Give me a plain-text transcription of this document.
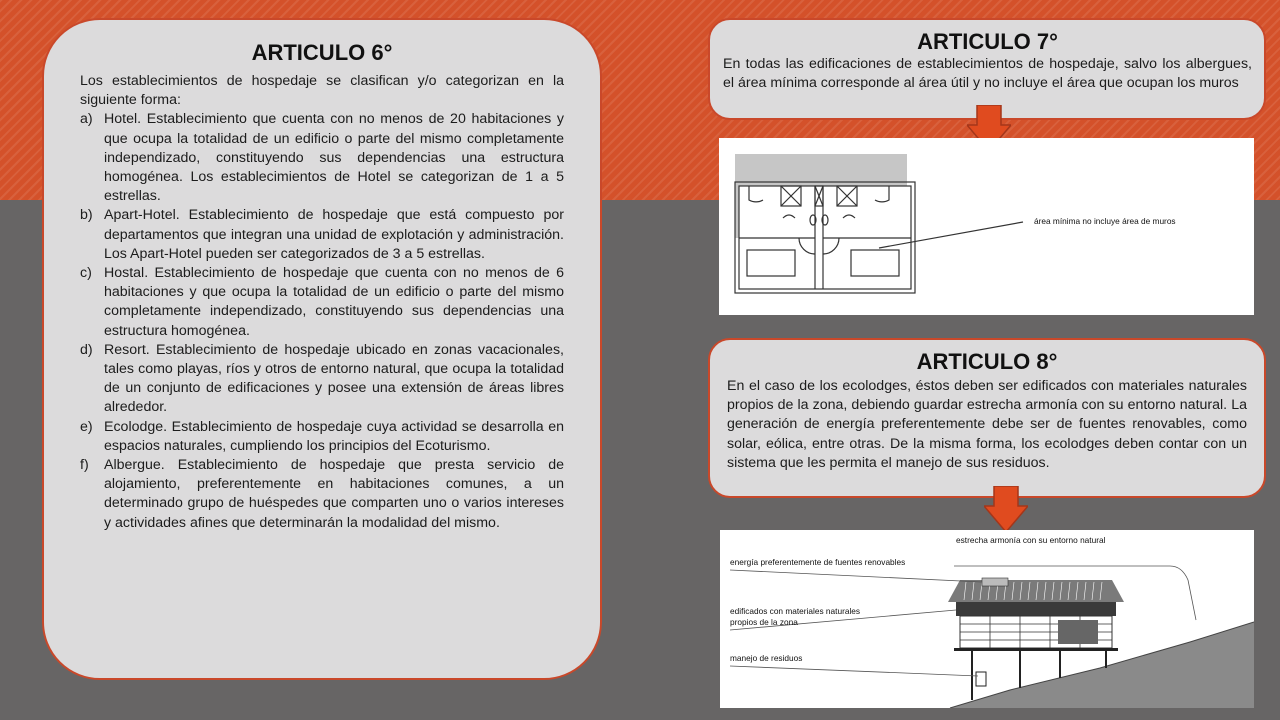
ARTICULO 6°

Los establecimientos de hospedaje se clasifican y/o categorizan en la siguiente forma:

a) Hotel. Establecimiento que cuenta con no menos de 20 habitaciones y que ocupa la totalidad de un edificio o parte del mismo completamente independizado, constituyendo sus dependencias una estructura homogénea. Los establecimientos de Hotel se categorizan de 1 a 5 estrellas.
b) Apart-Hotel. Establecimiento de hospedaje que está compuesto por departamentos que integran una unidad de explotación y administración. Los Apart-Hotel pueden ser categorizados de 3 a 5 estrellas.
c) Hostal. Establecimiento de hospedaje que cuenta con no menos de 6 habitaciones y que ocupa la totalidad de un edificio o parte del mismo completamente independizado, constituyendo sus dependencias una estructura homogénea.
d) Resort. Establecimiento de hospedaje ubicado en zonas vacacionales, tales como playas, ríos y otros de entorno natural, que ocupa la totalidad de un conjunto de edificaciones y posee una extensión de áreas libres alrededor.
e) Ecolodge. Establecimiento de hospedaje cuya actividad se desarrolla en espacios naturales, cumpliendo los principios del Ecoturismo.
f)	Albergue. Establecimiento de hospedaje que presta servicio de alojamiento, preferentemente en habitaciones comunes, a un determinado grupo de huéspedes que comparten uno o varios intereses y actividades afines que determinarán la modalidad del mismo.
ARTICULO 7°

En todas las edificaciones de establecimientos de hospedaje, salvo los albergues, el área mínima corresponde al área útil y no incluye el área que ocupan los muros

área mínima no incluye área de muros
ARTICULO 8°

En el caso de los ecolodges, éstos deben ser edificados con materiales naturales propios de la zona, debiendo guardar estrecha armonía con su entorno natural. La generación de energía preferentemente debe ser de fuentes renovables, como solar, eólica, entre otras. De la misma forma, los ecolodges deben contar con un sistema que les permita el manejo de sus residuos.

estrecha armonía con su entorno natural
energía preferentemente de fuentes renovables
edificados con materiales naturales
propios de la zona
manejo de residuos
